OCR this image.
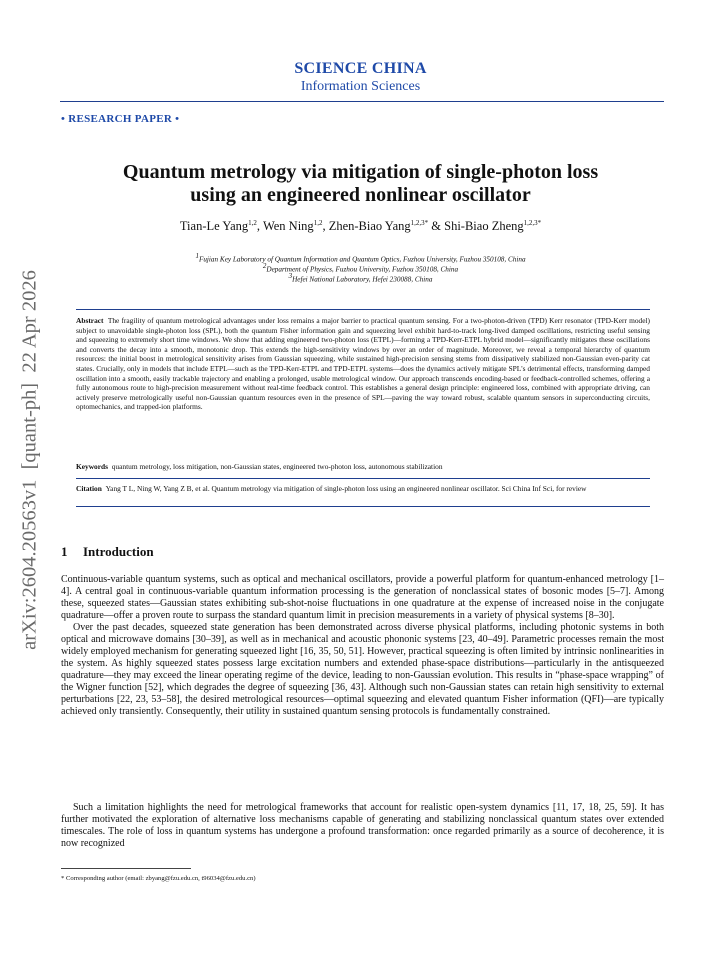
SCIENCE CHINA
Information Sciences
• RESEARCH PAPER •
Quantum metrology via mitigation of single-photon loss
using an engineered nonlinear oscillator
Tian-Le Yang$^{1,2}$, Wen Ning$^{1,2}$, Zhen-Biao Yang$^{1,2,3*}$ & Shi-Biao Zheng$^{1,2,3*}$
$^1$Fujian Key Laboratory of Quantum Information and Quantum Optics, Fuzhou University, Fuzhou 350108, China
$^2$Department of Physics, Fuzhou University, Fuzhou 350108, China
$^3$Hefei National Laboratory, Hefei 230088, China
arXiv:2604.20563v1  [quant-ph]  22 Apr 2026	Abstract The fragility of quantum metrological advantages under loss remains a major barrier to practical quantum sensing. For a two-photon-driven (TPD) Kerr resonator (TPD-Kerr model) subject to unavoidable single-photon loss (SPL), both the quantum Fisher information gain and squeezing level exhibit hard-to-track long-lived damped oscillations, restricting useful sensing and squeezing to extremely short time windows. We show that adding engineered two-photon loss (ETPL)—forming a TPD-Kerr-ETPL hybrid model—significantly mitigates these oscillations and converts the decay into a smooth, monotonic drop. This extends the high-sensitivity windows by over an order of magnitude. Moreover, we reveal a temporal hierarchy of quantum resources: the initial boost in metrological sensitivity arises from Gaussian squeezing, while sustained high-precision sensing stems from dissipatively stabilized non-Gaussian even-parity cat states. Crucially, only in models that include ETPL—such as the TPD-Kerr-ETPL and TPD-ETPL systems—does the dynamics actively mitigate SPL's detrimental effects, transforming damped oscillation into a smooth, easily trackable trajectory and enabling a prolonged, usable metrological window. Our approach transcends encoding-based or feedback-controlled schemes, offering a fully autonomous route to high-precision measurement without real-time feedback control. This establishes a general design principle: engineered loss, combined with appropriate driving, can actively preserve metrologically useful non-Gaussian quantum resources even in the presence of SPL—paving the way toward robust, scalable quantum sensors in superconducting circuits, optomechanics, and trapped-ion platforms.
Keywords quantum metrology, loss mitigation, non-Gaussian states, engineered two-photon loss, autonomous stabilization
Citation Yang T L, Ning W, Yang Z B, et al. Quantum metrology via mitigation of single-photon loss using an engineered nonlinear oscillator. Sci China Inf Sci, for review
1 Introduction
Continuous-variable quantum systems, such as optical and mechanical oscillators, provide a powerful platform for quantum-enhanced metrology [1–4]. A central goal in continuous-variable quantum information processing is the generation of nonclassical states of bosonic modes [5–7]. Among these, squeezed states—Gaussian states exhibiting sub-shot-noise fluctuations in one quadrature at the expense of increased noise in the conjugate quadrature—offer a proven route to surpass the standard quantum limit in precision measurements in a variety of physical systems [8–30].
Over the past decades, squeezed state generation has been demonstrated across diverse physical platforms, including photonic systems in both optical and microwave domains [30–39], as well as in mechanical and acoustic phononic systems [23, 40–49]. Parametric processes remain the most widely employed mechanism for generating squeezed light [16, 35, 50, 51]. However, practical squeezing is often limited by intrinsic nonlinearities in the system. As highly squeezed states possess large excitation numbers and extended phase-space distributions—particularly in the antisqueezed quadrature—they may exceed the linear operating regime of the device, leading to non-Gaussian evolution. This results in “phase-space wrapping” of the Wigner function [52], which degrades the degree of squeezing [36, 43]. Although such non-Gaussian states can retain high sensitivity to external perturbations [22, 23, 53–58], the desired metrological resources—optimal squeezing and elevated quantum Fisher information (QFI)—are typically achieved only transiently. Consequently, their utility in sustained quantum sensing protocols is fundamentally constrained.
Such a limitation highlights the need for metrological frameworks that account for realistic open-system dynamics [11, 17, 18, 25, 59]. It has further motivated the exploration of alternative loss mechanisms capable of generating and stabilizing nonclassical quantum states over extended timescales. The role of loss in quantum systems has undergone a profound transformation: once regarded primarily as a source of decoherence, it is now recognized
* Corresponding author (email: zbyang@fzu.edu.cn, t96034@fzu.edu.cn)
